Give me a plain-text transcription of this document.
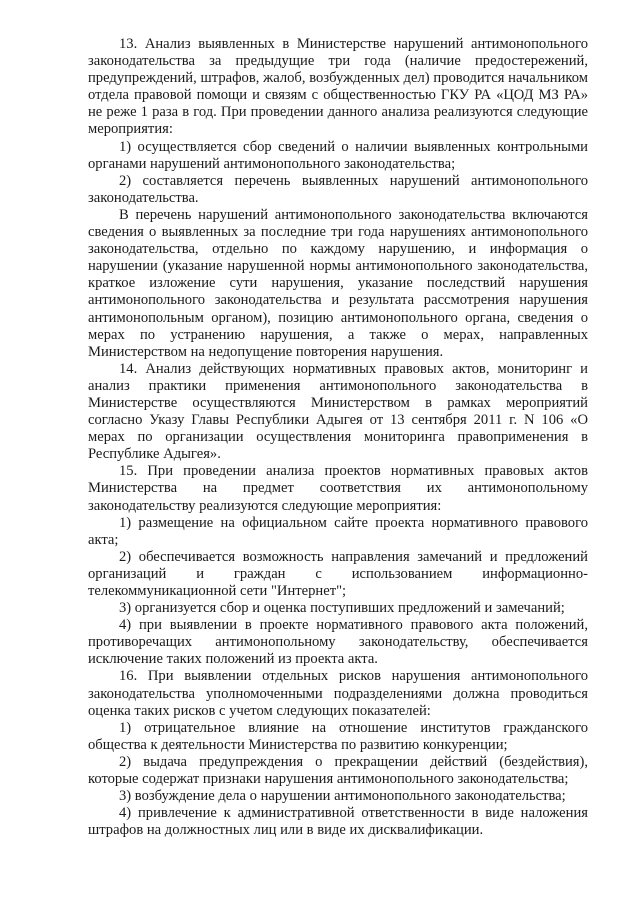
13. Анализ выявленных в Министерстве нарушений антимонопольного законодательства за предыдущие три года (наличие предостережений, предупреждений, штрафов, жалоб, возбужденных дел) проводится начальником отдела правовой помощи и связям с общественностью ГКУ РА «ЦОД МЗ РА» не реже 1 раза в год. При проведении данного анализа реализуются следующие мероприятия:

1) осуществляется сбор сведений о наличии выявленных контрольными органами нарушений антимонопольного законодательства;

2) составляется перечень выявленных нарушений антимонопольного законодательства.

В перечень нарушений антимонопольного законодательства включаются сведения о выявленных за последние три года нарушениях антимонопольного законодательства, отдельно по каждому нарушению, и информация о нарушении (указание нарушенной нормы антимонопольного законодательства, краткое изложение сути нарушения, указание последствий нарушения антимонопольного законодательства и результата рассмотрения нарушения антимонопольным органом), позицию антимонопольного органа, сведения о мерах по устранению нарушения, а также о мерах, направленных Министерством на недопущение повторения нарушения.

14. Анализ действующих нормативных правовых актов, мониторинг и анализ практики применения антимонопольного законодательства в Министерстве осуществляются Министерством в рамках мероприятий согласно Указу Главы Республики Адыгея от 13 сентября 2011 г. N 106 «О мерах по организации осуществления мониторинга правоприменения в Республике Адыгея».

15. При проведении анализа проектов нормативных правовых актов Министерства на предмет соответствия их антимонопольному законодательству реализуются следующие мероприятия:

1) размещение на официальном сайте проекта нормативного правового акта;

2) обеспечивается возможность направления замечаний и предложений организаций и граждан с использованием информационно-телекоммуникационной сети "Интернет";

3) организуется сбор и оценка поступивших предложений и замечаний;

4) при выявлении в проекте нормативного правового акта положений, противоречащих антимонопольному законодательству, обеспечивается исключение таких положений из проекта акта.

16. При выявлении отдельных рисков нарушения антимонопольного законодательства уполномоченными подразделениями должна проводиться оценка таких рисков с учетом следующих показателей:

1) отрицательное влияние на отношение институтов гражданского общества к деятельности Министерства по развитию конкуренции;

2) выдача предупреждения о прекращении действий (бездействия), которые содержат признаки нарушения антимонопольного законодательства;

3) возбуждение дела о нарушении антимонопольного законодательства;

4) привлечение к административной ответственности в виде наложения штрафов на должностных лиц или в виде их дисквалификации.
